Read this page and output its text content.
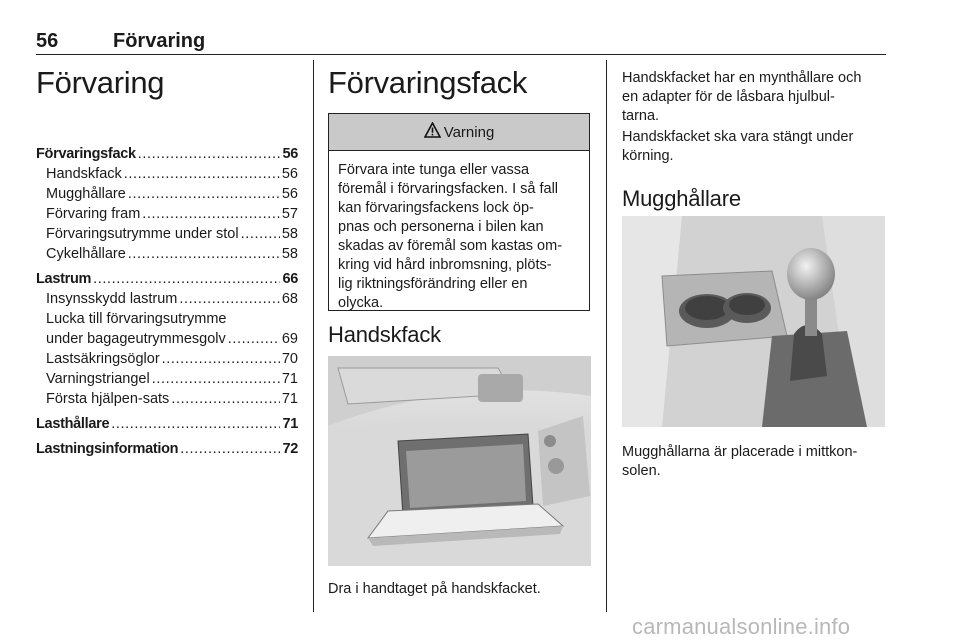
56	Förvaring
Förvaring
Förvaringsfack .....	56
Handskfack .....	56
Mugghållare .....	56
Förvaring fram .....	57
Förvaringsutrymme under stol .....	58
Cykelhållare .....	58
Lastrum .....	66
Insynsskydd lastrum .....	68
Lucka till förvaringsutrymme
under bagageutrymmesgolv .....	69
Lastsäkringsöglor .....	70
Varningstriangel .....	71
Första hjälpen-sats .....	71
Lasthållare .....	71
Lastningsinformation .....	72
Förvaringsfack
Varning
Förvara inte tunga eller vassa
föremål i förvaringsfacken. I så fall
kan förvaringsfackens lock öp-
pnas och personerna i bilen kan
skadas av föremål som kastas om-
kring vid hård inbromsning, plöts-
lig riktningsförändring eller en
olycka.
Handskfack
Dra i handtaget på handskfacket.
Handskfacket har en mynthållare och
en adapter för de låsbara hjulbul-
tarna.
Handskfacket ska vara stängt under
körning.
Mugghållare
Mugghållarna är placerade i mittkon-
solen.
carmanualsonline.info
